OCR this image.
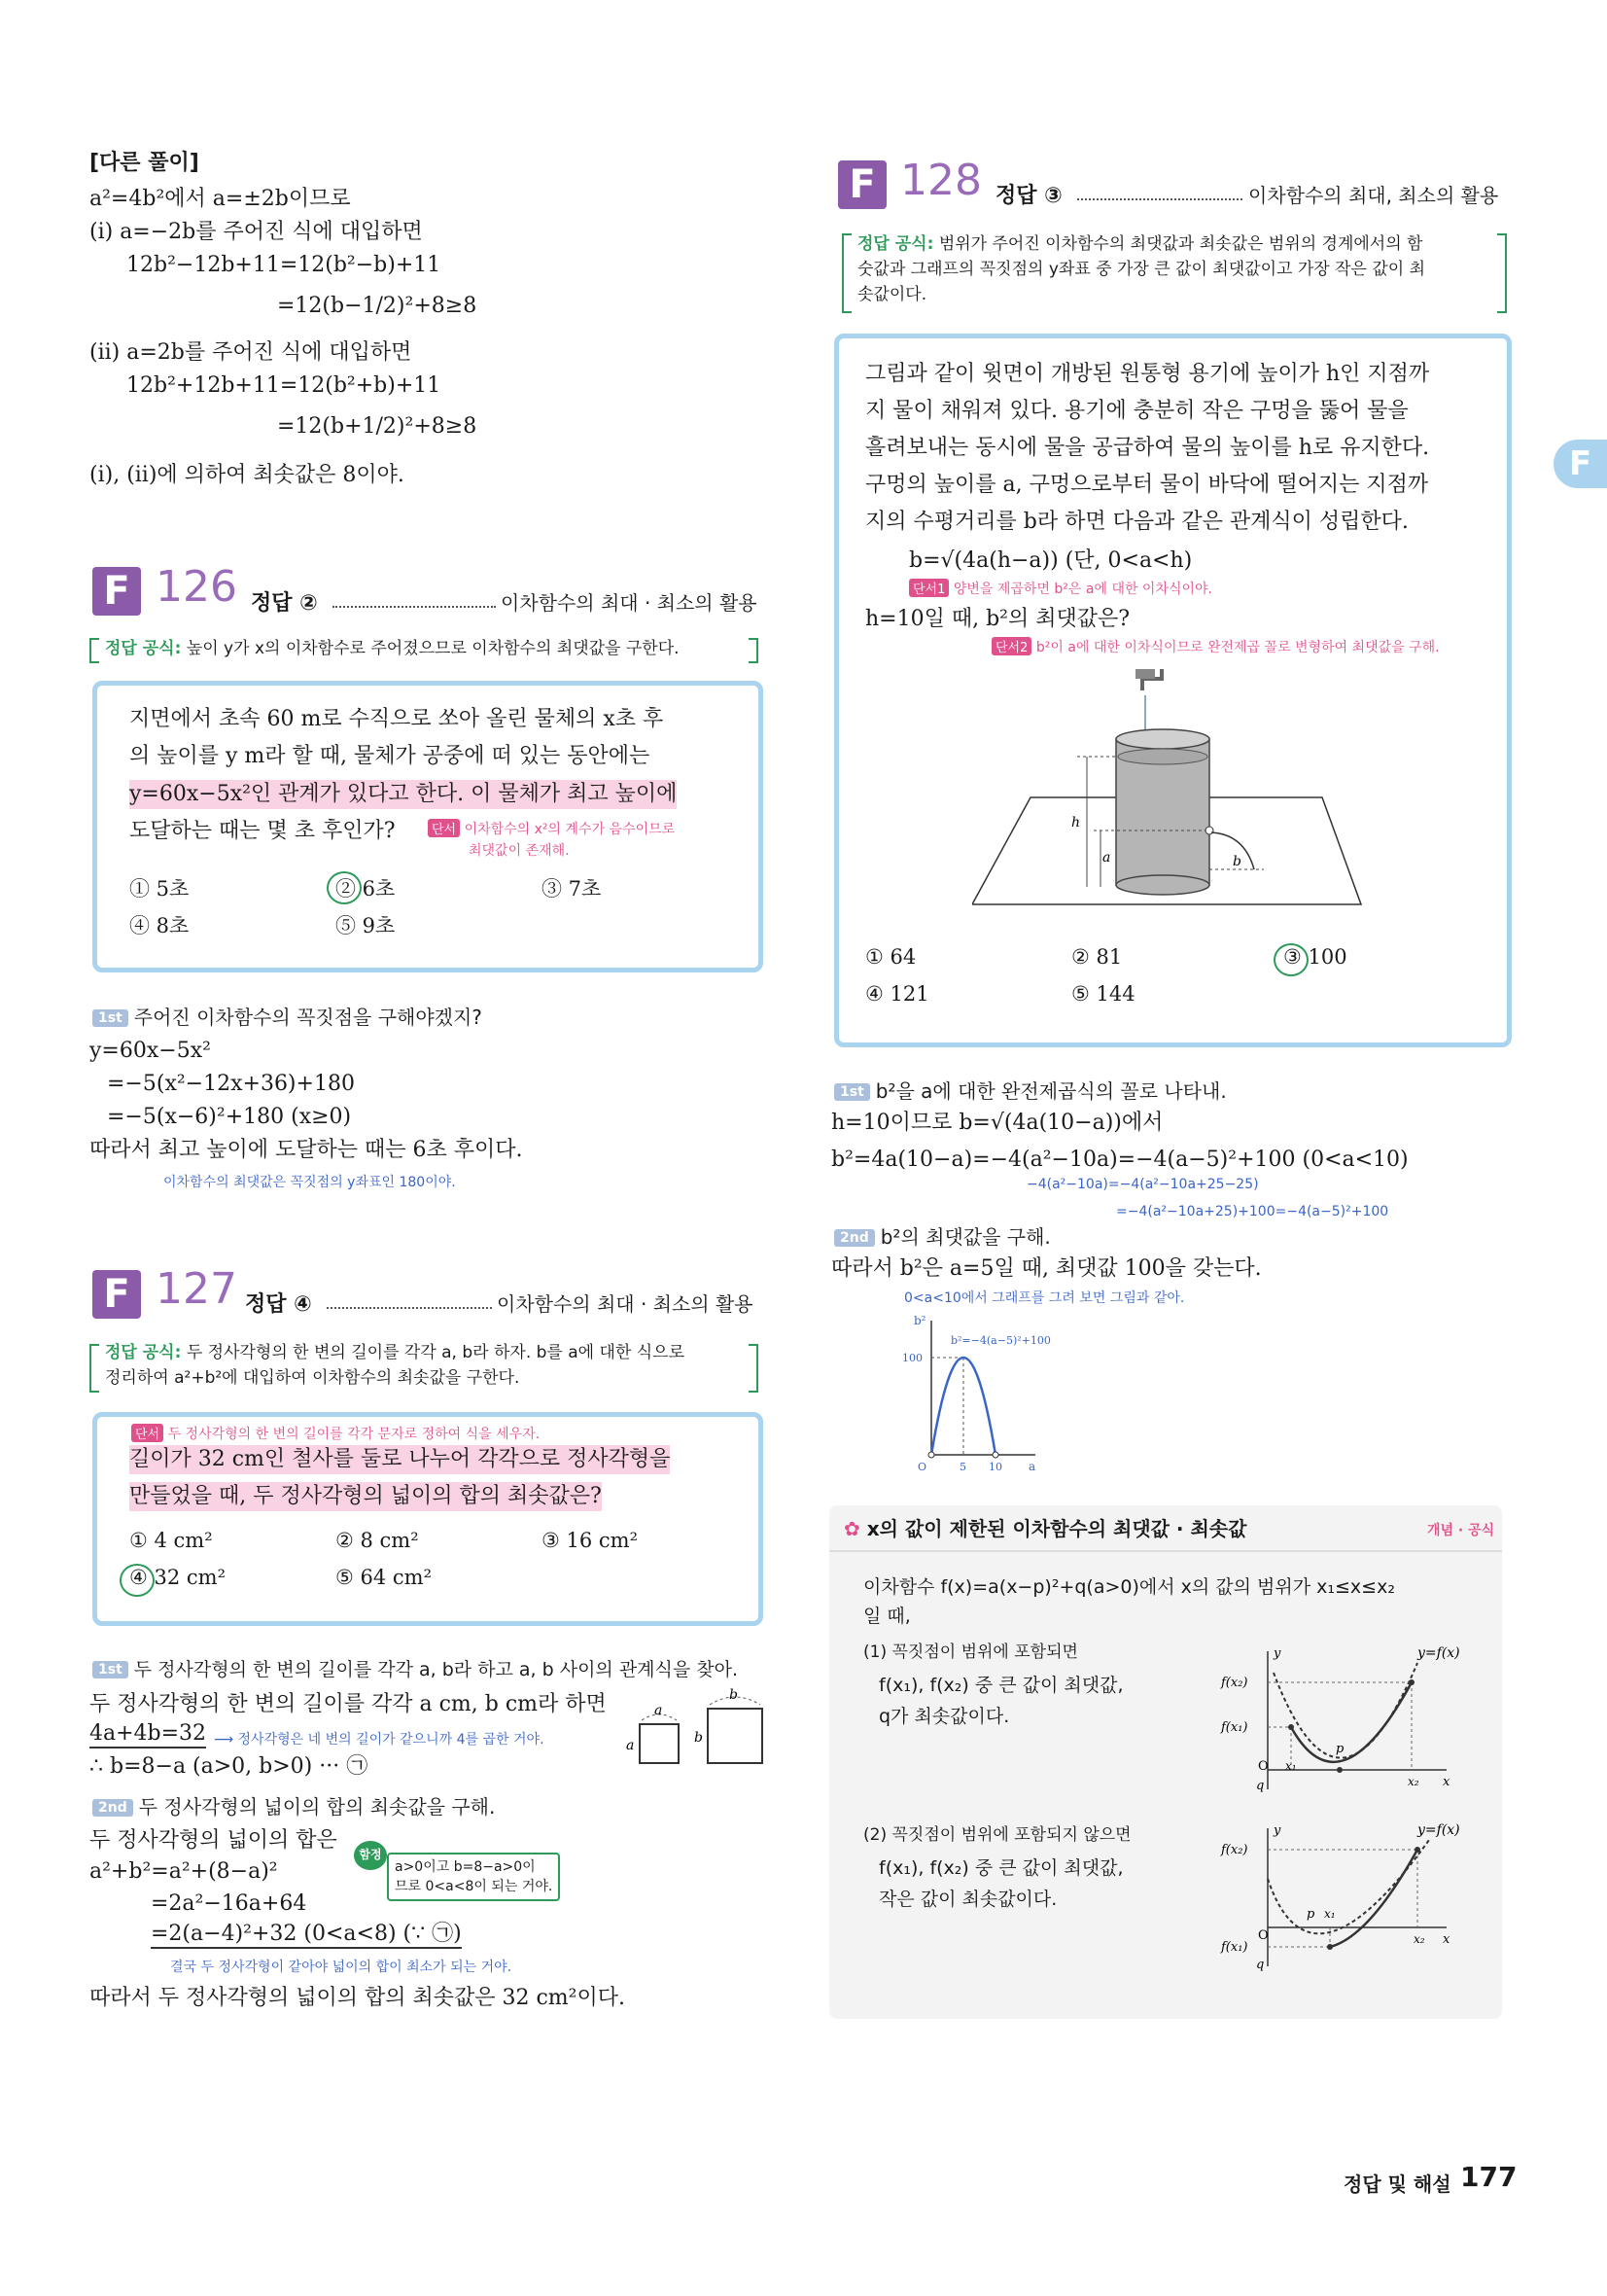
[다른 풀이]
a²=4b²에서 a=±2b이므로
(i) a=−2b를 주어진 식에 대입하면
12b²−12b+11=12(b²−b)+11
=12(b−1/2)²+8≥8
(ii) a=2b를 주어진 식에 대입하면
12b²+12b+11=12(b²+b)+11
=12(b+1/2)²+8≥8
(i), (ii)에 의하여 최솟값은 8이야.
F 126 정답 ②	이차함수의 최대 · 최소의 활용
정답 공식: 높이 y가 x의 이차함수로 주어졌으므로 이차함수의 최댓값을 구한다.
지면에서 초속 60 m로 수직으로 쏘아 올린 물체의 x초 후
의 높이를 y m라 할 때, 물체가 공중에 떠 있는 동안에는
y=60x−5x²인 관계가 있다고 한다. 이 물체가 최고 높이에
도달하는 때는 몇 초 후인가?	단서 이차함수의 x²의 계수가 음수이므로
최댓값이 존재해.
① 5초	② 6초	③ 7초
④ 8초	⑤ 9초
1st 주어진 이차함수의 꼭짓점을 구해야겠지?
y=60x−5x²
=−5(x²−12x+36)+180
=−5(x−6)²+180 (x≥0)
따라서 최고 높이에 도달하는 때는 6초 후이다.
이차함수의 최댓값은 꼭짓점의 y좌표인 180이야.
F 127 정답 ④	이차함수의 최대 · 최소의 활용
정답 공식: 두 정사각형의 한 변의 길이를 각각 a, b라 하자. b를 a에 대한 식으로
정리하여 a²+b²에 대입하여 이차함수의 최솟값을 구한다.
단서 두 정사각형의 한 변의 길이를 각각 문자로 정하여 식을 세우자.
길이가 32 cm인 철사를 둘로 나누어 각각으로 정사각형을
만들었을 때, 두 정사각형의 넓이의 합의 최솟값은?
① 4 cm²	② 8 cm²	③ 16 cm²
④ 32 cm²	⑤ 64 cm²
1st 두 정사각형의 한 변의 길이를 각각 a, b라 하고 a, b 사이의 관계식을 찾아.
두 정사각형의 한 변의 길이를 각각 a cm, b cm라 하면
4a+4b=32 ⟶ 정사각형은 네 변의 길이가 같으니까 4를 곱한 거야.
∴ b=8−a (a>0, b>0) ··· ㉠
a
a
b
b
2nd 두 정사각형의 넓이의 합의 최솟값을 구해.
두 정사각형의 넓이의 합은
a²+b²=a²+(8−a)²
=2a²−16a+64
=2(a−4)²+32 (0<a<8) (∵ ㉠)
함정
a>0이고 b=8−a>0이
므로 0<a<8이 되는 거야.
결국 두 정사각형이 같아야 넓이의 합이 최소가 되는 거야.
따라서 두 정사각형의 넓이의 합의 최솟값은 32 cm²이다.
F 128 정답 ③	이차함수의 최대, 최소의 활용
정답 공식: 범위가 주어진 이차함수의 최댓값과 최솟값은 범위의 경계에서의 함
숫값과 그래프의 꼭짓점의 y좌표 중 가장 큰 값이 최댓값이고 가장 작은 값이 최
솟값이다.
그림과 같이 윗면이 개방된 원통형 용기에 높이가 h인 지점까
지 물이 채워져 있다. 용기에 충분히 작은 구멍을 뚫어 물을
흘려보내는 동시에 물을 공급하여 물의 높이를 h로 유지한다.
구멍의 높이를 a, 구멍으로부터 물이 바닥에 떨어지는 지점까
지의 수평거리를 b라 하면 다음과 같은 관계식이 성립한다.
b=√(4a(h−a)) (단, 0<a<h)
단서1 양변을 제곱하면 b²은 a에 대한 이차식이야.
h=10일 때, b²의 최댓값은?
단서2 b²이 a에 대한 이차식이므로 완전제곱 꼴로 변형하여 최댓값을 구해.
h
a	b
① 64	② 81	③ 100
④ 121	⑤ 144
1st b²을 a에 대한 완전제곱식의 꼴로 나타내.
h=10이므로 b=√(4a(10−a))에서
b²=4a(10−a)=−4(a²−10a)=−4(a−5)²+100 (0<a<10)
−4(a²−10a)=−4(a²−10a+25−25)
=−4(a²−10a+25)+100=−4(a−5)²+100
2nd b²의 최댓값을 구해.
따라서 b²은 a=5일 때, 최댓값 100을 갖는다.
0<a<10에서 그래프를 그려 보면 그림과 같아.
b²
a
b²=−4(a−5)²+100
100
5 10
O
✿ x의 값이 제한된 이차함수의 최댓값 · 최솟값	개념 · 공식
이차함수 f(x)=a(x−p)²+q(a>0)에서 x의 값의 범위가 x₁≤x≤x₂
일 때,
(1) 꼭짓점이 범위에 포함되면
f(x₁), f(x₂) 중 큰 값이 최댓값,
q가 최솟값이다.
(2) 꼭짓점이 범위에 포함되지 않으면
f(x₁), f(x₂) 중 큰 값이 최댓값,
작은 값이 최솟값이다.
y	y=f(x)
f(x₂)
f(x₁)
p
O x₁
q	x₂ x
y	y=f(x)
f(x₂)
f(x₁)
p x₁
O
q
x₂ x
F
정답 및 해설 177
